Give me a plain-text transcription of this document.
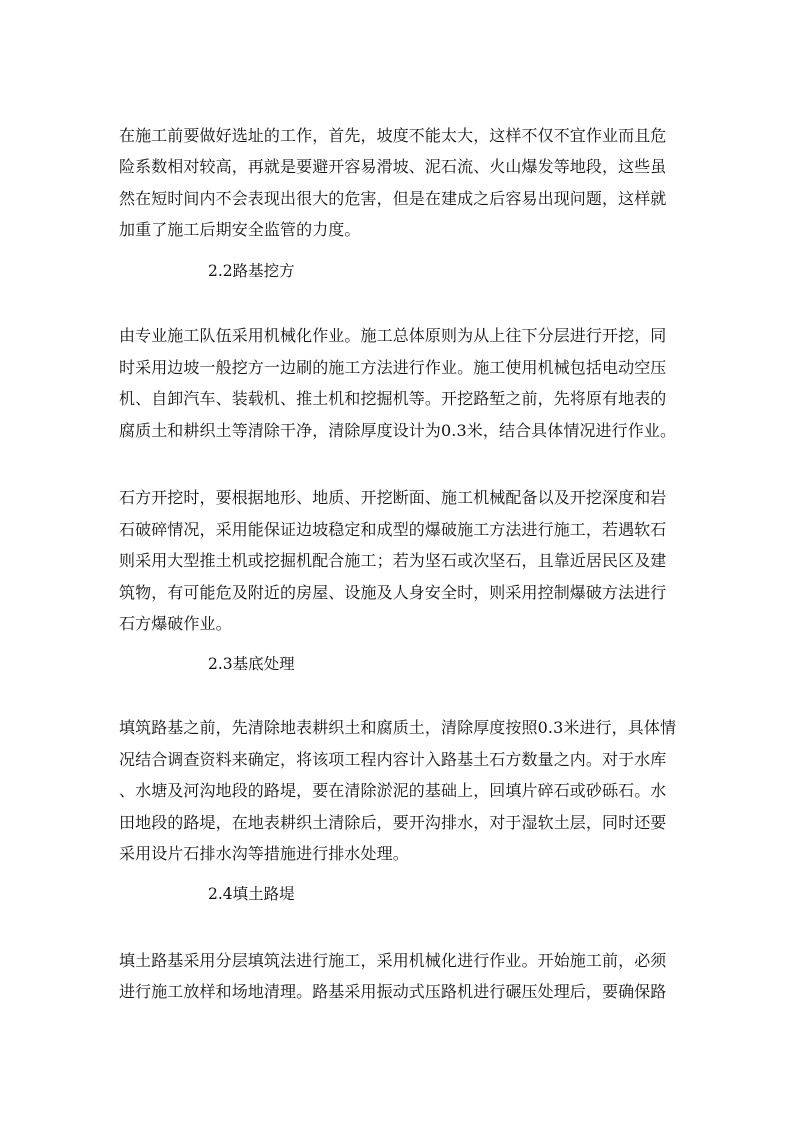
在施工前要做好选址的工作，首先，坡度不能太大，这样不仅不宜作业而且危
险系数相对较高，再就是要避开容易滑坡、泥石流、火山爆发等地段，这些虽
然在短时间内不会表现出很大的危害，但是在建成之后容易出现问题，这样就
加重了施工后期安全监管的力度。
2.2路基挖方
由专业施工队伍采用机械化作业。施工总体原则为从上往下分层进行开挖，同
时采用边坡一般挖方一边刷的施工方法进行作业。施工使用机械包括电动空压
机、自卸汽车、装载机、推土机和挖掘机等。开挖路堑之前，先将原有地表的
腐质土和耕织土等清除干净，清除厚度设计为0.3米，结合具体情况进行作业。
石方开挖时，要根据地形、地质、开挖断面、施工机械配备以及开挖深度和岩
石破碎情况，采用能保证边坡稳定和成型的爆破施工方法进行施工，若遇软石
则采用大型推土机或挖掘机配合施工；若为坚石或次坚石，且靠近居民区及建
筑物，有可能危及附近的房屋、设施及人身安全时，则采用控制爆破方法进行
石方爆破作业。
2.3基底处理
填筑路基之前，先清除地表耕织土和腐质土，清除厚度按照0.3米进行，具体情
况结合调查资料来确定，将该项工程内容计入路基土石方数量之内。对于水库
、水塘及河沟地段的路堤，要在清除淤泥的基础上，回填片碎石或砂砾石。水
田地段的路堤，在地表耕织土清除后，要开沟排水，对于湿软土层，同时还要
采用设片石排水沟等措施进行排水处理。
2.4填土路堤
填土路基采用分层填筑法进行施工，采用机械化进行作业。开始施工前，必须
进行施工放样和场地清理。路基采用振动式压路机进行碾压处理后，要确保路
